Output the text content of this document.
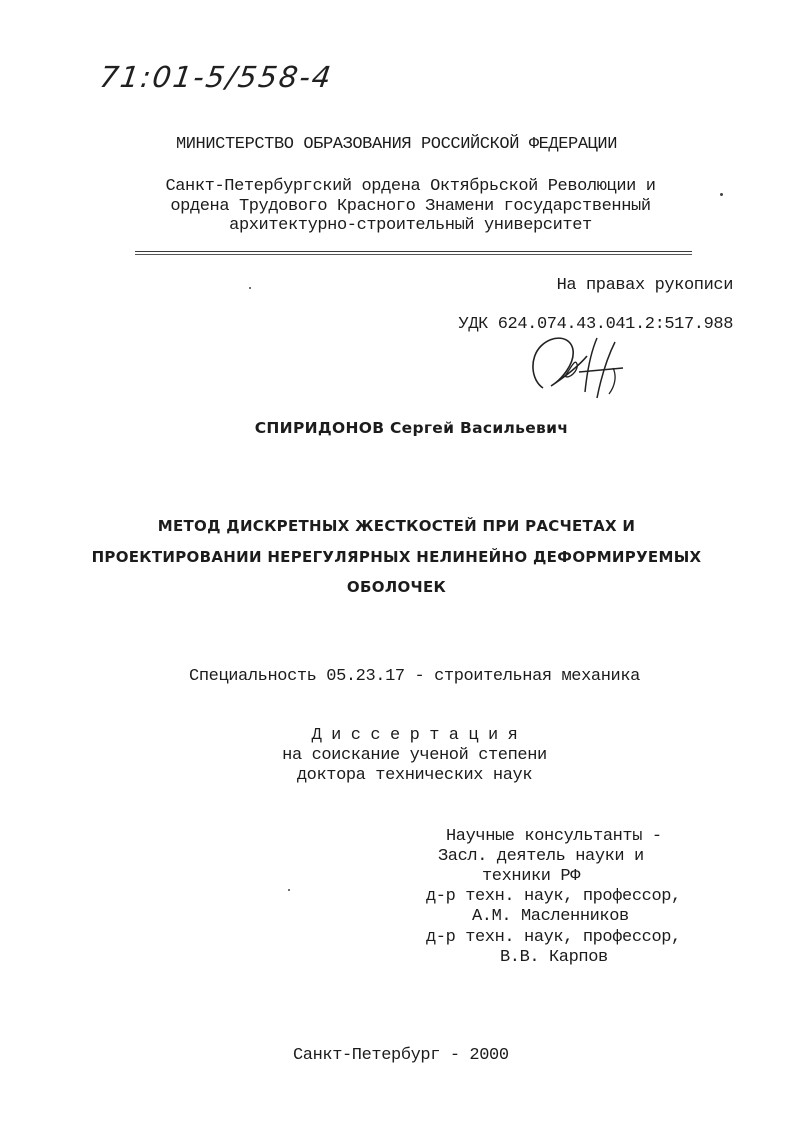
71:01-5/558-4
МИНИСТЕРСТВО ОБРАЗОВАНИЯ РОССИЙСКОЙ ФЕДЕРАЦИИ
Санкт-Петербургский ордена Октябрьской Революции и
ордена Трудового Красного Знамени государственный
архитектурно-строительный университет
На правах рукописи
УДК 624.074.43.041.2:517.988
СПИРИДОНОВ Сергей Васильевич
МЕТОД ДИСКРЕТНЫХ ЖЕСТКОСТЕЙ ПРИ РАСЧЕТАХ И
ПРОЕКТИРОВАНИИ НЕРЕГУЛЯРНЫХ НЕЛИНЕЙНО ДЕФОРМИРУЕМЫХ
ОБОЛОЧЕК
Специальность 05.23.17 - строительная механика
Д и с с е р т а ц и я
на соискание ученой степени
доктора технических наук
Научные консультанты -
Засл. деятель науки и
техники РФ
д-р техн. наук, профессор,
А.М. Масленников
д-р техн. наук, профессор,
В.В. Карпов
Санкт-Петербург - 2000
